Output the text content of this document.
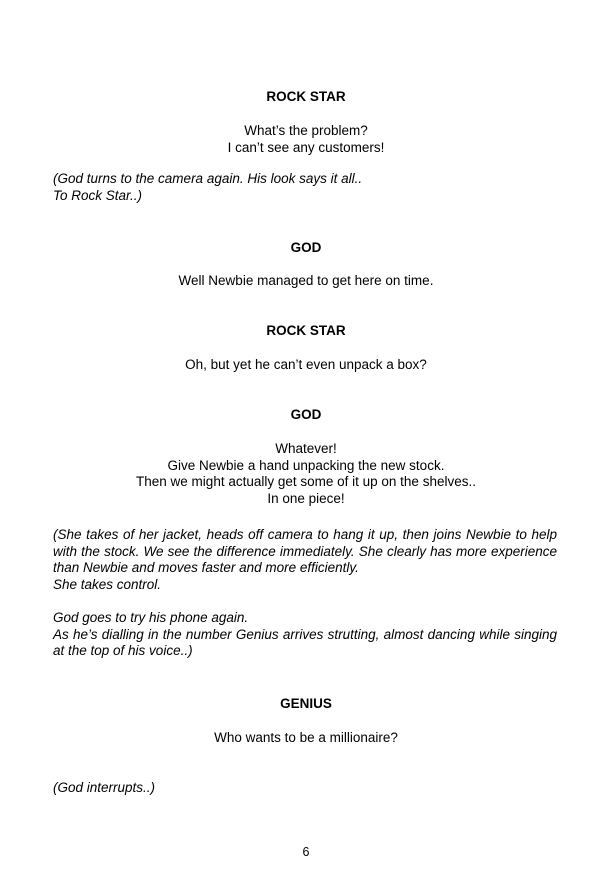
ROCK STAR
What’s the problem?
I can’t see any customers!
(God turns to the camera again. His look says it all..
To Rock Star..)
GOD
Well Newbie managed to get here on time.
ROCK STAR
Oh, but yet he can’t even unpack a box?
GOD
Whatever!
Give Newbie a hand unpacking the new stock.
Then we might actually get some of it up on the shelves..
In one piece!
(She takes of her jacket, heads off camera to hang it up, then joins Newbie to help with the stock. We see the difference immediately. She clearly has more experience than Newbie and moves faster and more efficiently.
She takes control.
God goes to try his phone again.
As he’s dialling in the number Genius arrives strutting, almost dancing while singing at the top of his voice..)
GENIUS
Who wants to be a millionaire?
(God interrupts..)
6
